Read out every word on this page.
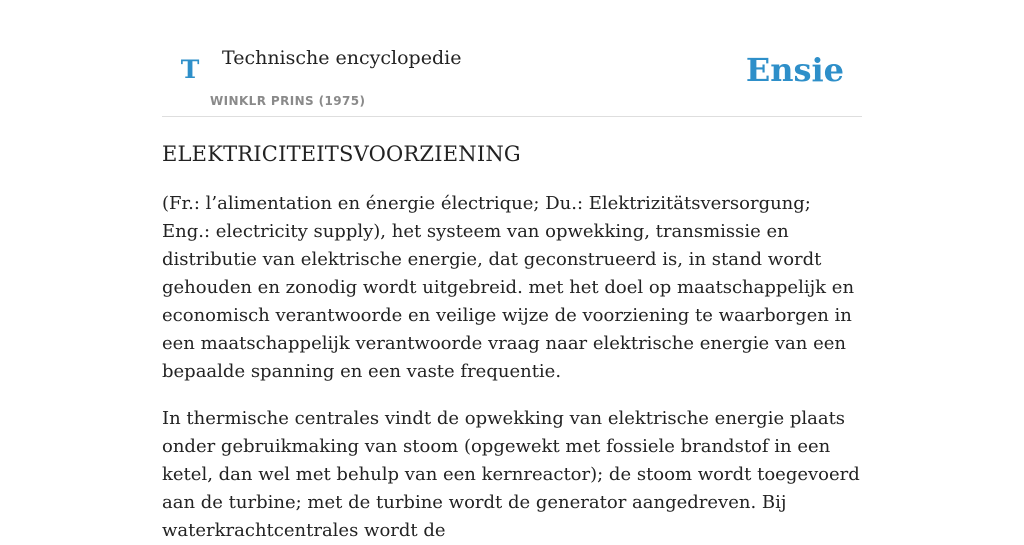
T Technische encyclopedie
WINKLR PRINS (1975)
Ensie
ELEKTRICITEITSVOORZIENING

(Fr.: l’alimentation en énergie électrique; Du.: Elektrizitätsversorgung; Eng.: electricity supply), het systeem van opwekking, transmissie en distributie van elektrische energie, dat geconstrueerd is, in stand wordt gehouden en zonodig wordt uitgebreid. met het doel op maatschappelijk en economisch verantwoorde en veilige wijze de voorziening te waarborgen in een maatschappelijk verantwoorde vraag naar elektrische energie van een bepaalde spanning en een vaste frequentie.

In thermische centrales vindt de opwekking van elektrische energie plaats onder gebruikmaking van stoom (opgewekt met fossiele brandstof in een ketel, dan wel met behulp van een kernreactor); de stoom wordt toegevoerd aan de turbine; met de turbine wordt de generator aangedreven. Bij waterkrachtcentrales wordt de
